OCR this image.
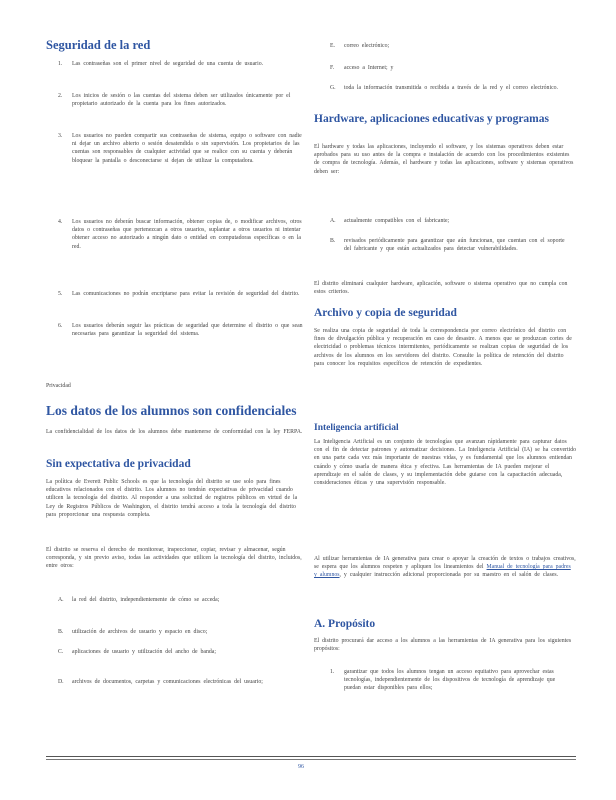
Seguridad de la red
1. Las contraseñas son el primer nivel de seguridad de una cuenta de usuario.
2. Los inicios de sesión o las cuentas del sistema deben ser utilizados únicamente por el propietario autorizado de la cuenta para los fines autorizados.
3. Los usuarios no pueden compartir sus contraseñas de sistema, equipo o software con nadie ni dejar un archivo abierto o sesión desatendida o sin supervisión. Los propietarios de las cuentas son responsables de cualquier actividad que se realice con su cuenta y deberán bloquear la pantalla o desconectarse si dejan de utilizar la computadora.
4. Los usuarios no deberán buscar información, obtener copias de, o modificar archivos, otros datos o contraseñas que pertenezcan a otros usuarios, suplantar a otros usuarios ni intentar obtener acceso no autorizado a ningún dato o entidad en computadoras específicas o en la red.
5. Las comunicaciones no podrán encriptarse para evitar la revisión de seguridad del distrito.
6. Los usuarios deberán seguir las prácticas de seguridad que determine el distrito o que sean necesarias para garantizar la seguridad del sistema.
Privacidad
Los datos de los alumnos son confidenciales
La confidencialidad de los datos de los alumnos debe mantenerse de conformidad con la ley FERPA.
Sin expectativa de privacidad
La política de Everett Public Schools es que la tecnología del distrito se use solo para fines educativos relacionados con el distrito. Los alumnos no tendrán expectativas de privacidad cuando utilicen la tecnología del distrito. Al responder a una solicitud de registros públicos en virtud de la Ley de Registros Públicos de Washington, el distrito tendrá acceso a toda la tecnología del distrito para proporcionar una respuesta completa.
El distrito se reserva el derecho de monitorear, inspeccionar, copiar, revisar y almacenar, según corresponda, y sin previo aviso, todas las actividades que utilicen la tecnología del distrito, incluidos, entre otros:
A. la red del distrito, independientemente de cómo se acceda;
B. utilización de archivos de usuario y espacio en disco;
C. aplicaciones de usuario y utilización del ancho de banda;
D. archivos de documentos, carpetas y comunicaciones electrónicas del usuario;
E. correo electrónico;
F. acceso a Internet; y
G. toda la información transmitida o recibida a través de la red y el correo electrónico.
Hardware, aplicaciones educativas y programas
El hardware y todas las aplicaciones, incluyendo el software, y los sistemas operativos deben estar aprobados para su uso antes de la compra e instalación de acuerdo con los procedimientos existentes de compra de tecnología. Además, el hardware y todas las aplicaciones, software y sistemas operativos deben ser:
A. actualmente compatibles con el fabricante;
B. revisados periódicamente para garantizar que aún funcionan, que cuentan con el soporte del fabricante y que están actualizados para detectar vulnerabilidades.
El distrito eliminará cualquier hardware, aplicación, software o sistema operativo que no cumpla con estos criterios.
Archivo y copia de seguridad
Se realiza una copia de seguridad de toda la correspondencia por correo electrónico del distrito con fines de divulgación pública y recuperación en caso de desastre. A menos que se produzcan cortes de electricidad o problemas técnicos intermitentes, periódicamente se realizan copias de seguridad de los archivos de los alumnos en los servidores del distrito. Consulte la política de retención del distrito para conocer los requisitos específicos de retención de expedientes.
Inteligencia artificial
La Inteligencia Artificial es un conjunto de tecnologías que avanzan rápidamente para capturar datos con el fin de detectar patrones y automatizar decisiones. La Inteligencia Artificial (IA) se ha convertido en una parte cada vez más importante de nuestras vidas, y es fundamental que los alumnos entiendan cuándo y cómo usarla de manera ética y efectiva. Las herramientas de IA pueden mejorar el aprendizaje en el salón de clases, y su implementación debe guiarse con la capacitación adecuada, consideraciones éticas y una supervisión responsable.
Al utilizar herramientas de IA generativa para crear o apoyar la creación de textos o trabajos creativos, se espera que los alumnos respeten y apliquen los lineamientos del Manual de tecnología para padres y alumnos, y cualquier instrucción adicional proporcionada por su maestro en el salón de clases.
A. Propósito
El distrito procurará dar acceso a los alumnos a las herramientas de IA generativa para los siguientes propósitos:
1. garantizar que todos los alumnos tengan un acceso equitativo para aprovechar estas tecnologías, independientemente de los dispositivos de tecnología de aprendizaje que puedan estar disponibles para ellos;
96
